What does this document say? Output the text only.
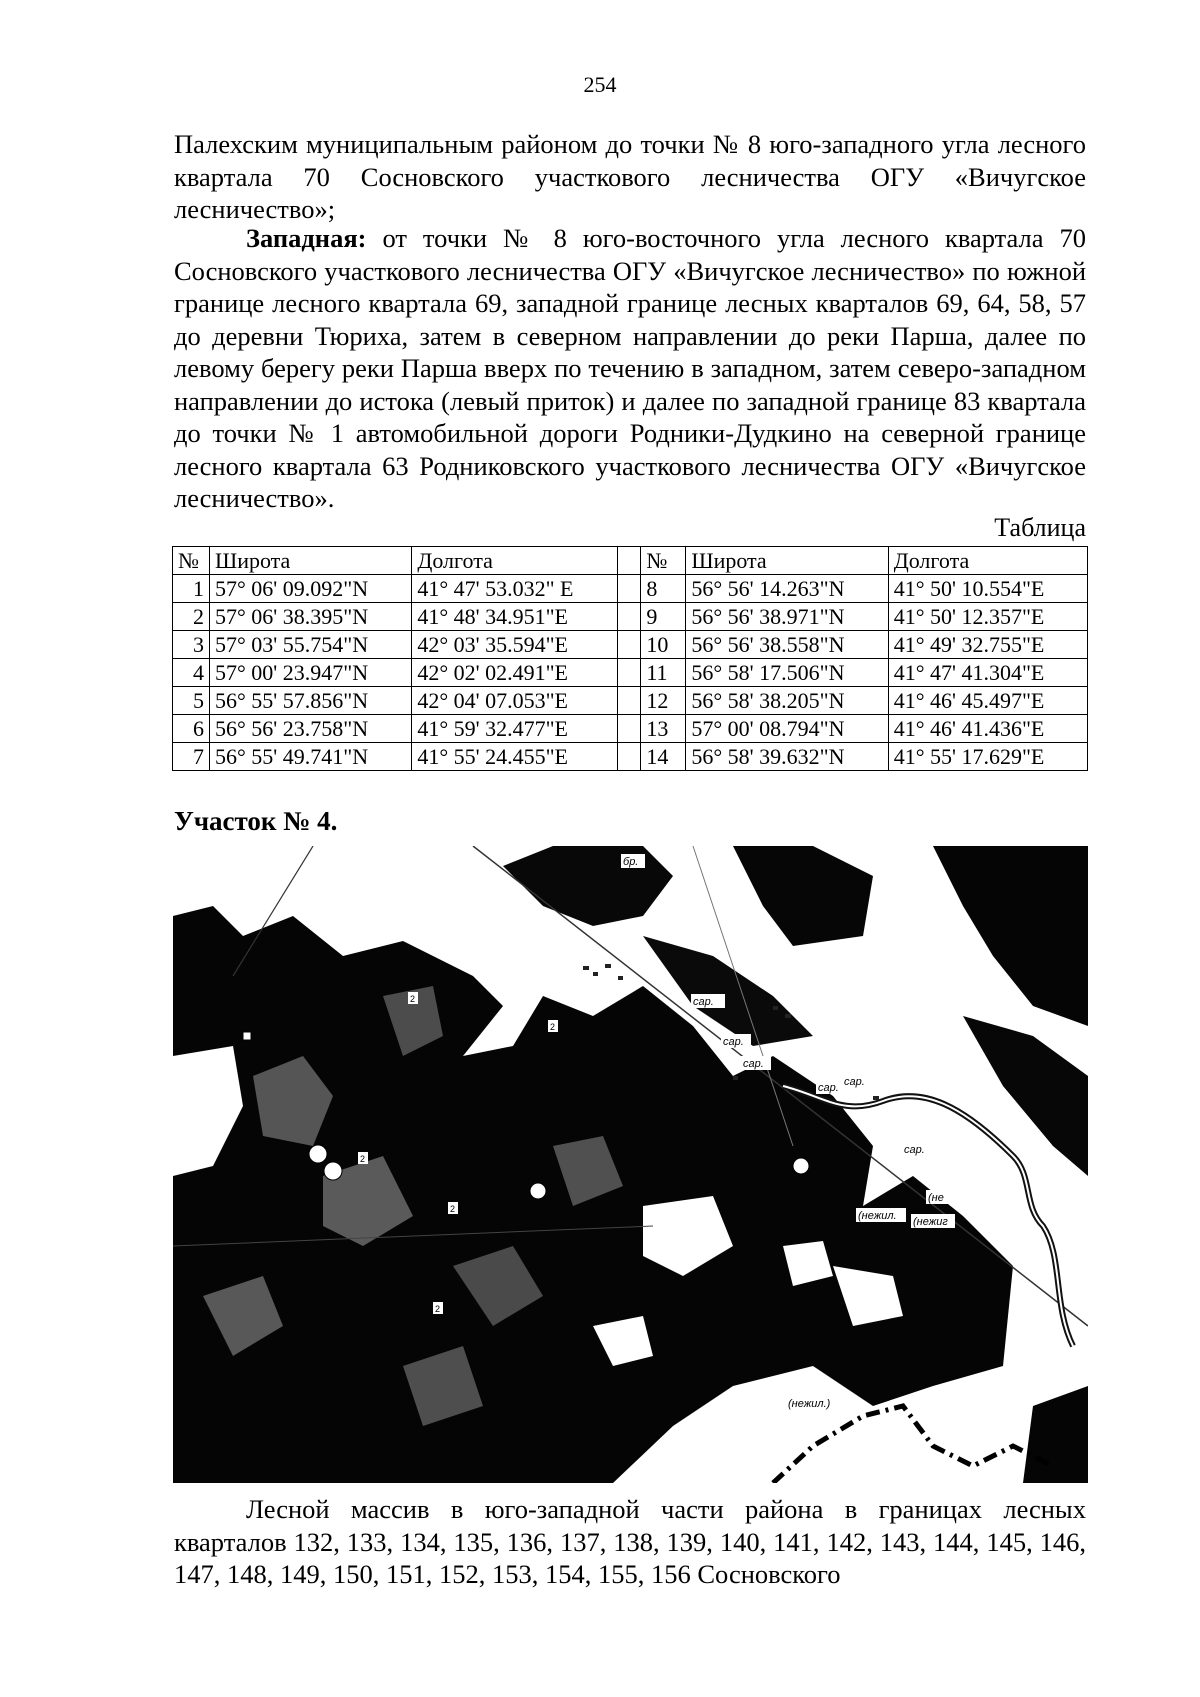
254

Палехским муниципальным районом до точки № 8 юго-западного угла лесного квартала 70 Сосновского участкового лесничества ОГУ «Вичугское лесничество»;

Западная: от точки № 8 юго-восточного угла лесного квартала 70 Сосновского участкового лесничества ОГУ «Вичугское лесничество» по южной границе лесного квартала 69, западной границе лесных кварталов 69, 64, 58, 57 до деревни Тюриха, затем в северном направлении до реки Парша, далее по левому берегу реки Парша вверх по течению в западном, затем северо-западном направлении до истока (левый приток) и далее по западной границе 83 квартала до точки № 1 автомобильной дороги Родники-Дудкино на северной границе лесного квартала 63 Родниковского участкового лесничества ОГУ «Вичугское лесничество».

Таблица
№	Широта	Долгота		№	Широта	Долгота
1	57° 06' 09.092"N	41° 47' 53.032" E		8	56° 56' 14.263"N	41° 50' 10.554"E
2	57° 06' 38.395"N	41° 48' 34.951"E		9	56° 56' 38.971"N	41° 50' 12.357"E
3	57° 03' 55.754"N	42° 03' 35.594"E		10	56° 56' 38.558"N	41° 49' 32.755"E
4	57° 00' 23.947"N	42° 02' 02.491"E		11	56° 58' 17.506"N	41° 47' 41.304"E
5	56° 55' 57.856"N	42° 04' 07.053"E		12	56° 58' 38.205"N	41° 46' 45.497"E
6	56° 56' 23.758"N	41° 59' 32.477"E		13	57° 00' 08.794"N	41° 46' 41.436"E
7	56° 55' 49.741"N	41° 55' 24.455"E		14	56° 58' 39.632"N	41° 55' 17.629"E
Участок № 4.
сар.
сар.
сар.
сар. сар.
сар.
бр.
(нежил.
(нежил.)
(нежиг
(не
2
2
2
2
2

Лесной массив в юго-западной части района в границах лесных кварталов 132, 133, 134, 135, 136, 137, 138, 139, 140, 141, 142, 143, 144, 145, 146, 147, 148, 149, 150, 151, 152, 153, 154, 155, 156 Сосновского
